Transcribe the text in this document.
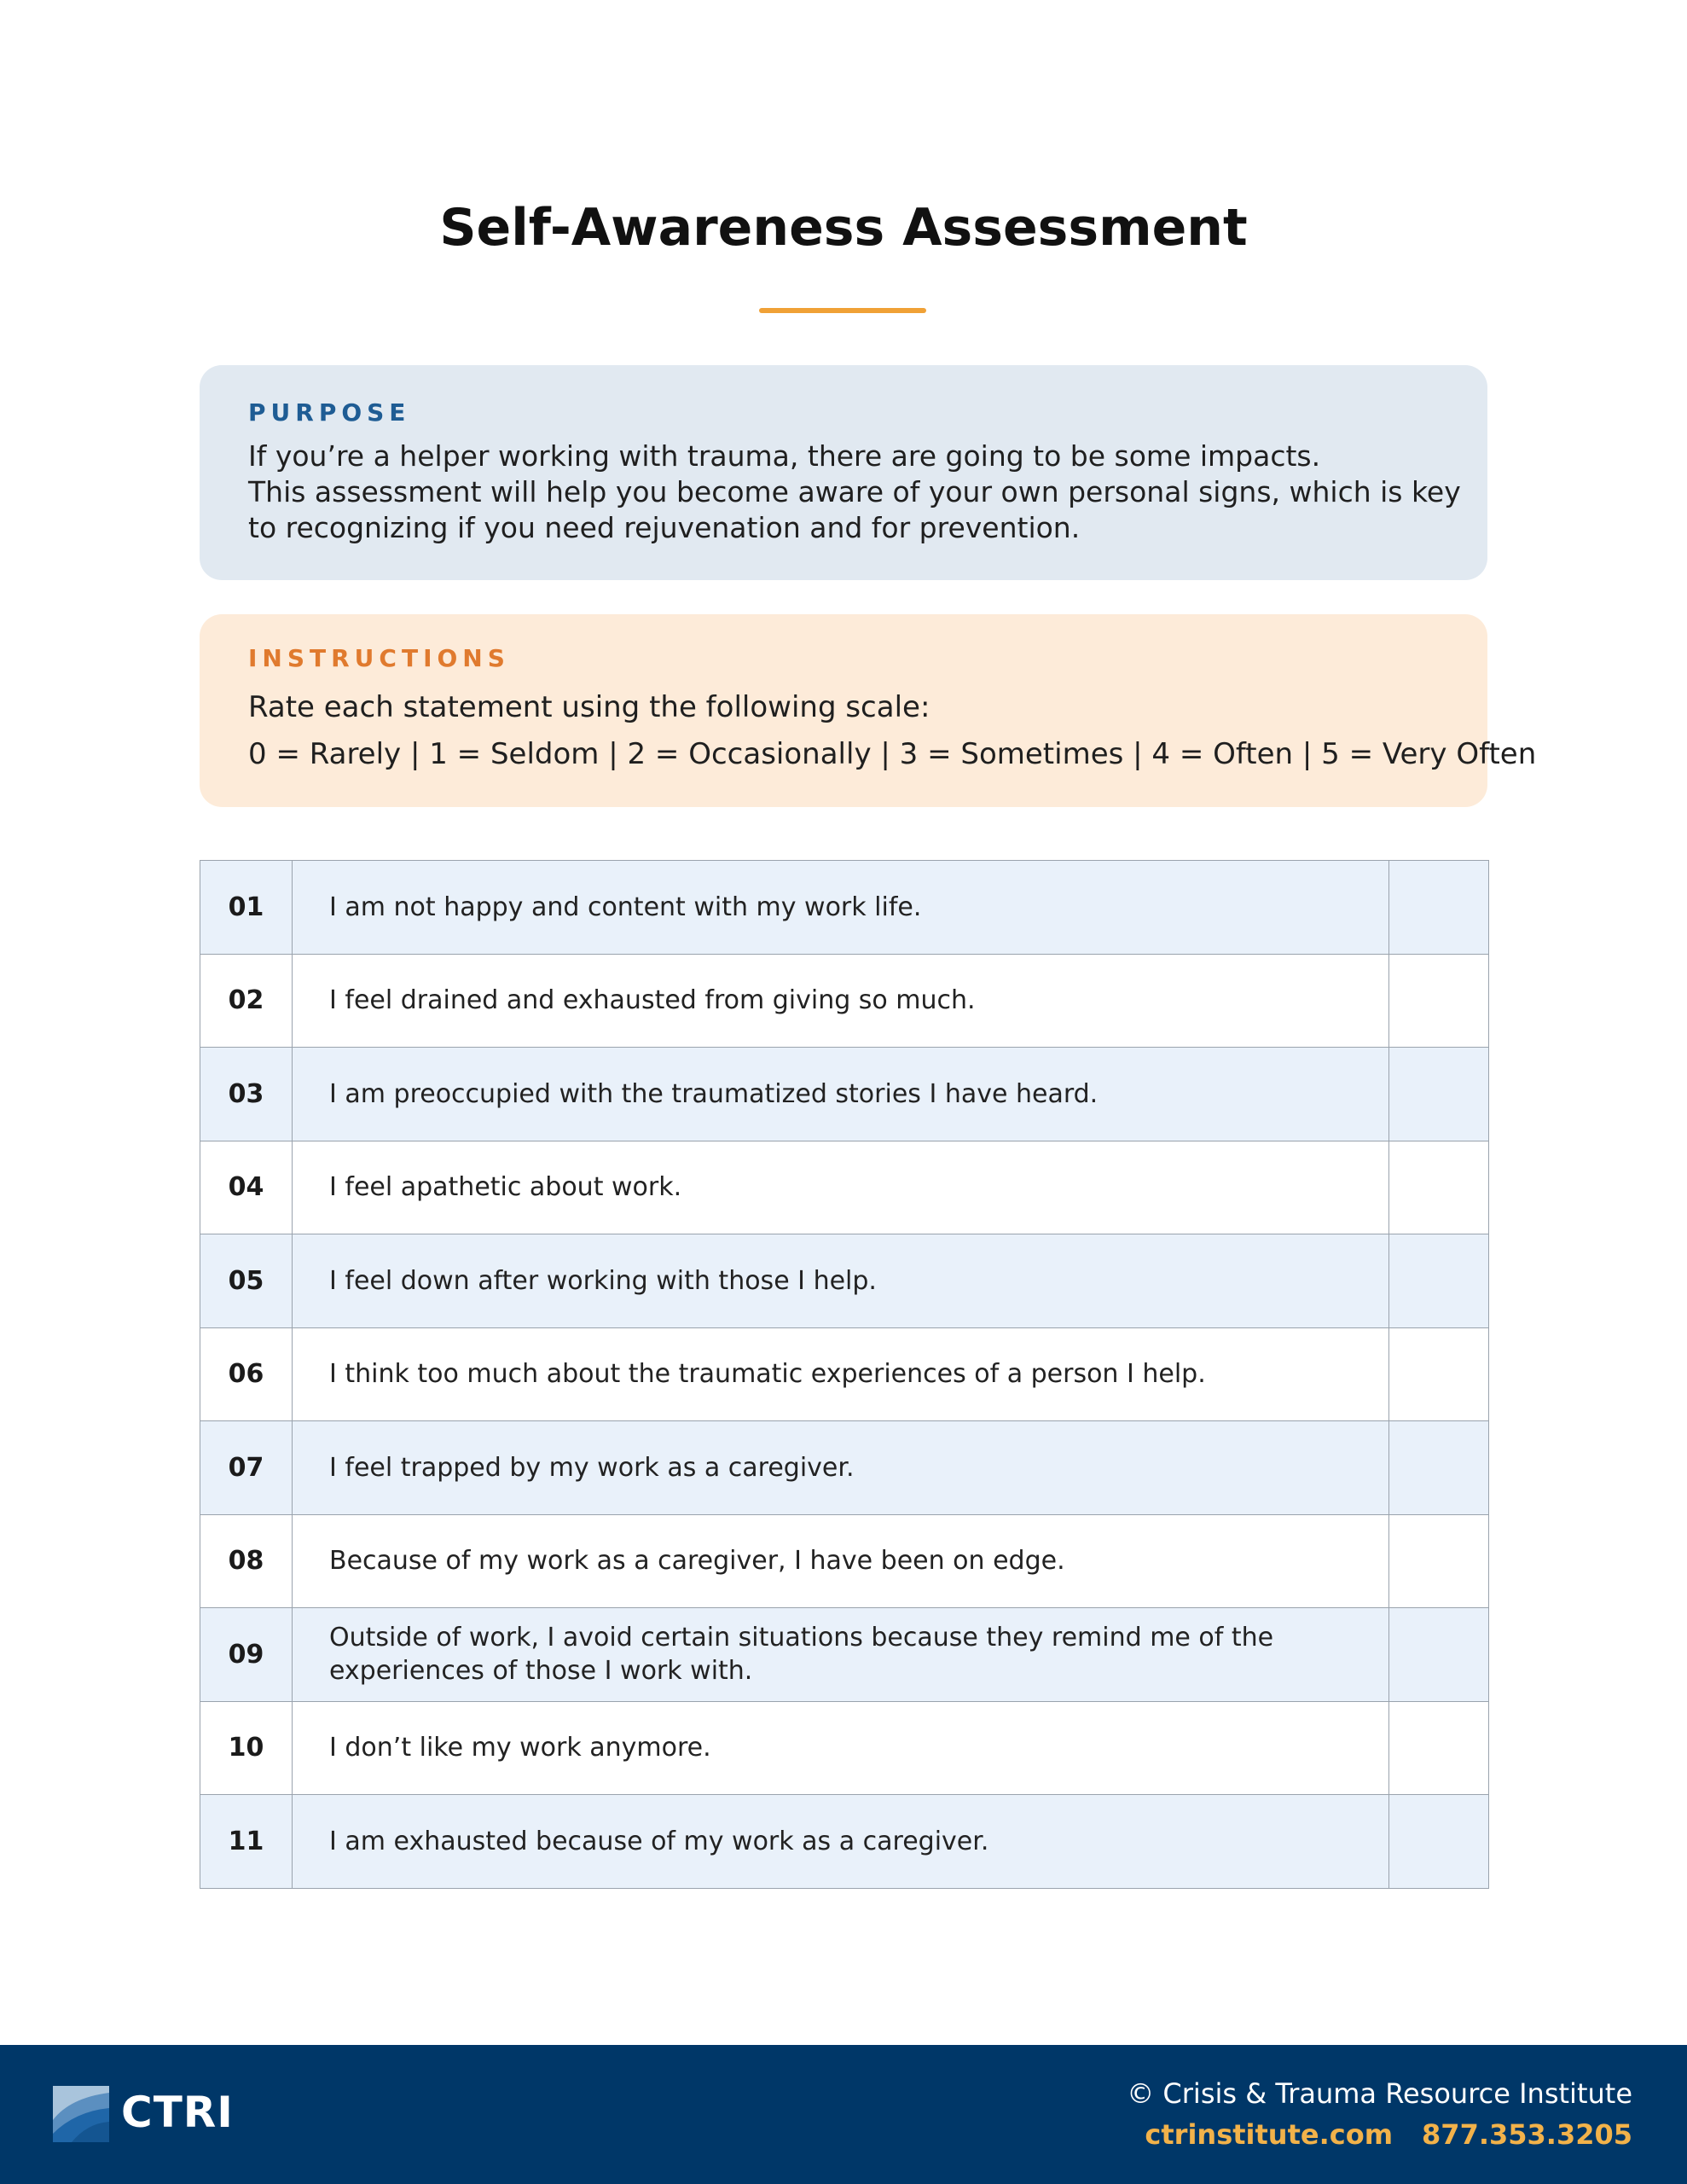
Self-Awareness Assessment
PURPOSE
If you’re a helper working with trauma, there are going to be some impacts.
This assessment will help you become aware of your own personal signs, which is key
to recognizing if you need rejuvenation and for prevention.
INSTRUCTIONS
Rate each statement using the following scale:
0 = Rarely | 1 = Seldom | 2 = Occasionally | 3 = Sometimes | 4 = Often | 5 = Very Often
01	I am not happy and content with my work life.	
02	I feel drained and exhausted from giving so much.	
03	I am preoccupied with the traumatized stories I have heard.	
04	I feel apathetic about work.	
05	I feel down after working with those I help.	
06	I think too much about the traumatic experiences of a person I help.	
07	I feel trapped by my work as a caregiver.	
08	Because of my work as a caregiver, I have been on edge.	
09	Outside of work, I avoid certain situations because they remind me of the experiences of those I work with.	
10	I don’t like my work anymore.	
11	I am exhausted because of my work as a caregiver.	
CTRI	© Crisis & Trauma Resource Institute
ctrinstitute.com 877.353.3205
